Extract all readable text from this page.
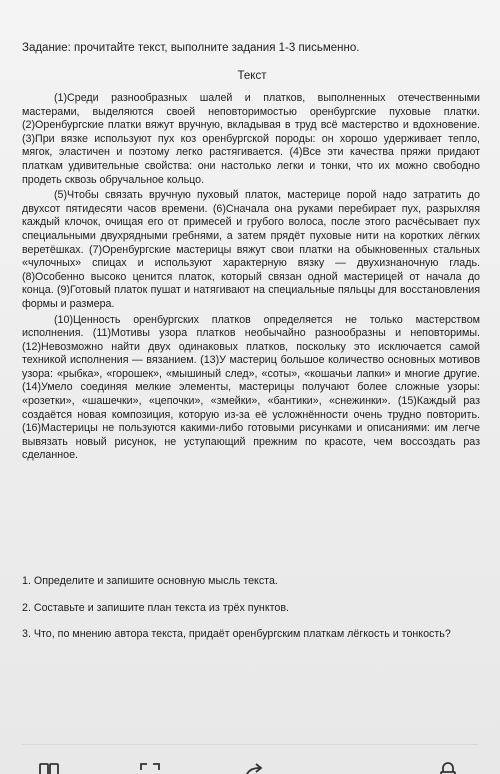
Задание: прочитайте текст, выполните задания 1-3 письменно.
Текст

(1)Среди разнообразных шалей и платков, выполненных отечественными мастерами, выделяются своей неповторимостью оренбургские пуховые платки. (2)Оренбургские платки вяжут вручную, вкладывая в труд всё мастерство и вдохновение. (3)При вязке используют пух коз оренбургской породы: он хорошо удерживает тепло, мягок, эластичен и поэтому легко растягивается. (4)Все эти качества пряжи придают платкам удивительные свойства: они настолько легки и тонки, что их можно свободно продеть сквозь обручальное кольцо.

(5)Чтобы связать вручную пуховый платок, мастерице порой надо затратить до двухсот пятидесяти часов времени. (6)Сначала она руками перебирает пух, разрыхляя каждый клочок, очищая его от примесей и грубого волоса, после этого расчёсывает пух специальными двухрядными гребнями, а затем прядёт пуховые нити на коротких лёгких веретёшках. (7)Оренбургские мастерицы вяжут свои платки на обыкновенных стальных «чулочных» спицах и используют характерную вязку — двухизнаночную гладь. (8)Особенно высоко ценится платок, который связан одной мастерицей от начала до конца. (9)Готовый платок пушат и натягивают на специальные пяльцы для восстановления формы и размера.

(10)Ценность оренбургских платков определяется не только мастерством исполнения. (11)Мотивы узора платков необычайно разнообразны и неповторимы. (12)Невозможно найти двух одинаковых платков, поскольку это исключается самой техникой исполнения — вязанием. (13)У мастериц большое количество основных мотивов узора: «рыбка», «горошек», «мышиный след», «соты», «кошачьи лапки» и многие другие. (14)Умело соединяя мелкие элементы, мастерицы получают более сложные узоры: «розетки», «шашечки», «цепочки», «змейки», «бантики», «снежинки». (15)Каждый раз создаётся новая композиция, которую из-за её усложнённости очень трудно повторить. (16)Мастерицы не пользуются какими-либо готовыми рисунками и описаниями: им легче вывязать новый рисунок, не уступающий прежним по красоте, чем воссоздать раз сделанное.

1. Определите и запишите основную мысль текста.

2. Составьте и запишите план текста из трёх пунктов.

3. Что, по мнению автора текста, придаёт оренбургским платкам лёгкость и тонкость?
